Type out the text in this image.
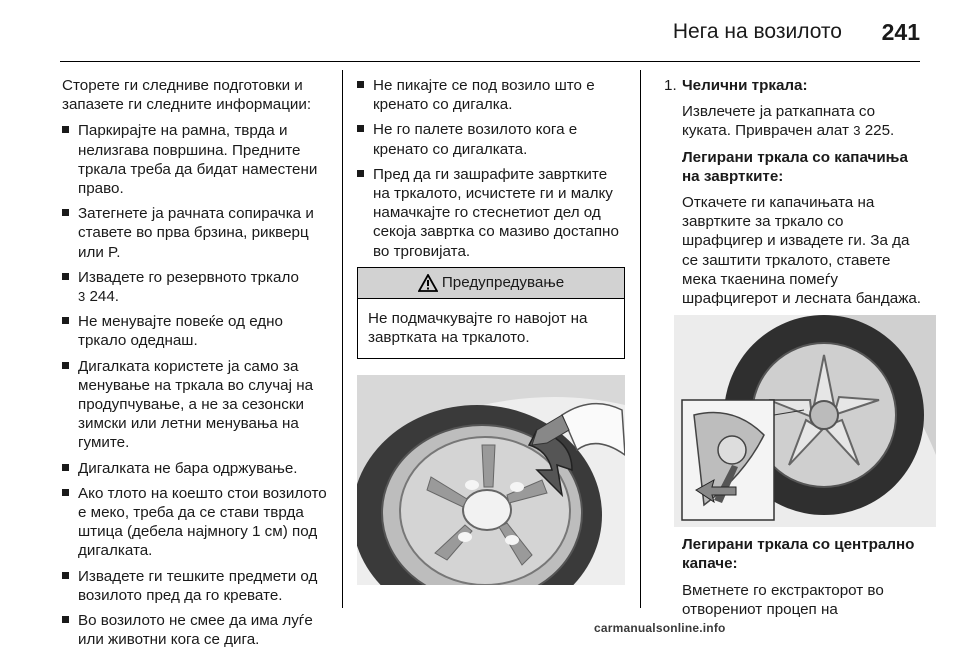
Нега на возилото 241

Сторете ги следниве подготовки и запазете ги следните информации:

Паркирајте на рамна, тврда и нелизгава површина. Предните тркала треба да бидат наместени право.
Затегнете ја рачната сопирачка и ставете во прва брзина, рикверц или P.
Извадете го резервното тркало
3 244.
Не менувајте повеќе од едно тркало одеднаш.
Дигалката користете ја само за менување на тркала во случај на продупчување, а не за сезонски зимски или летни менувања на гумите.
Дигалката не бара одржување.
Ако тлото на коешто стои возилото е меко, треба да се стави тврда штица (дебела најмногу 1 см) под дигалката.
Извадете ги тешките предмети од возилото пред да го кревате.
Во возилото не смее да има луѓе или животни кога се дига.
Не пикајте се под возило што е кренато со дигалка.
Не го палете возилото кога е кренато со дигалката.
Пред да ги зашрафите завртките на тркалото, исчистете ги и малку намачкајте го стеснетиот дел од секоја завртка со мазиво достапно во трговијата.
Предупредување
Не подмачкувајте го навојот на завртката на тркалото.
1. Челични тркала:

Извлечете ја раткапната со куката. Приврачен алат 3 225.

Легирани тркала со капачиња на завртките:

Откачете ги капачињата на завртките за тркало со шрафцигер и извадете ги. За да се заштити тркалото, ставете мека ткаенина помеѓу шрафцигерот и лесната бандажа.

Легирани тркала со централно капаче:

Вметнете го екстракторот во отворениот процеп на

carmanualsonline.info
